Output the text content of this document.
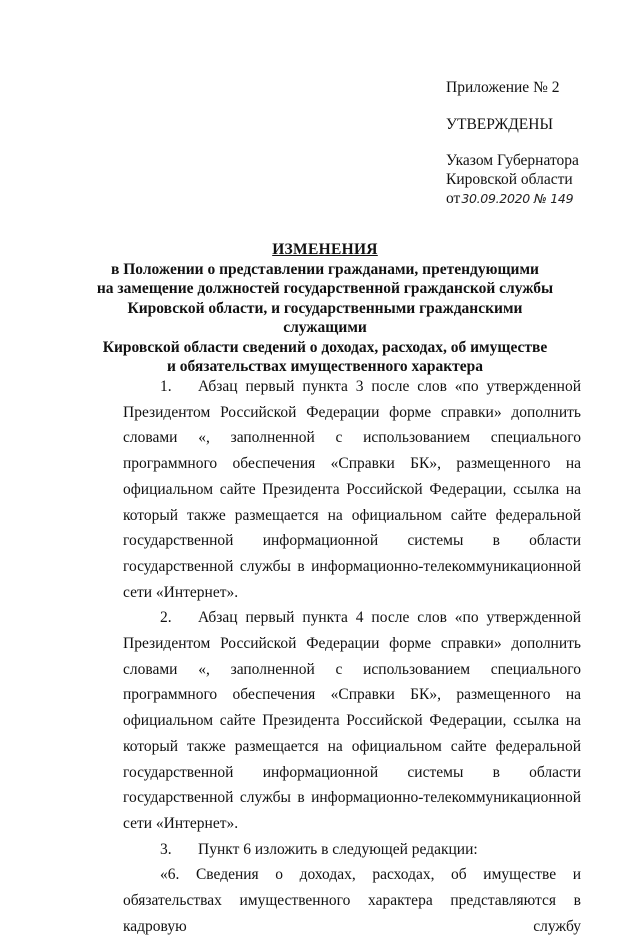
Приложение № 2
УТВЕРЖДЕНЫ
Указом Губернатора
Кировской области
от30.09.2020 № 149
ИЗМЕНЕНИЯ
в Положении о представлении гражданами, претендующими
на замещение должностей государственной гражданской службы
Кировской области, и государственными гражданскими служащими
Кировской области сведений о доходах, расходах, об имуществе
и обязательствах имущественного характера

1. Абзац первый пункта 3 после слов «по утвержденной Президентом Российской Федерации форме справки» дополнить словами «, заполненной с использованием специального программного обеспечения «Справки БК», размещенного на официальном сайте Президента Российской Федерации, ссылка на который также размещается на официальном сайте федеральной государственной информационной системы в области государственной службы в информационно-телекоммуникационной сети «Интернет».

2. Абзац первый пункта 4 после слов «по утвержденной Президентом Российской Федерации форме справки» дополнить словами «, заполненной с использованием специального программного обеспечения «Справки БК», размещенного на официальном сайте Президента Российской Федерации, ссылка на который также размещается на официальном сайте федеральной государственной информационной системы в области государственной службы в информационно-телекоммуникационной сети «Интернет».

3. Пункт 6 изложить в следующей редакции:

«6. Сведения о доходах, расходах, об имуществе и обязательствах имущественного характера представляются в кадровую службу
